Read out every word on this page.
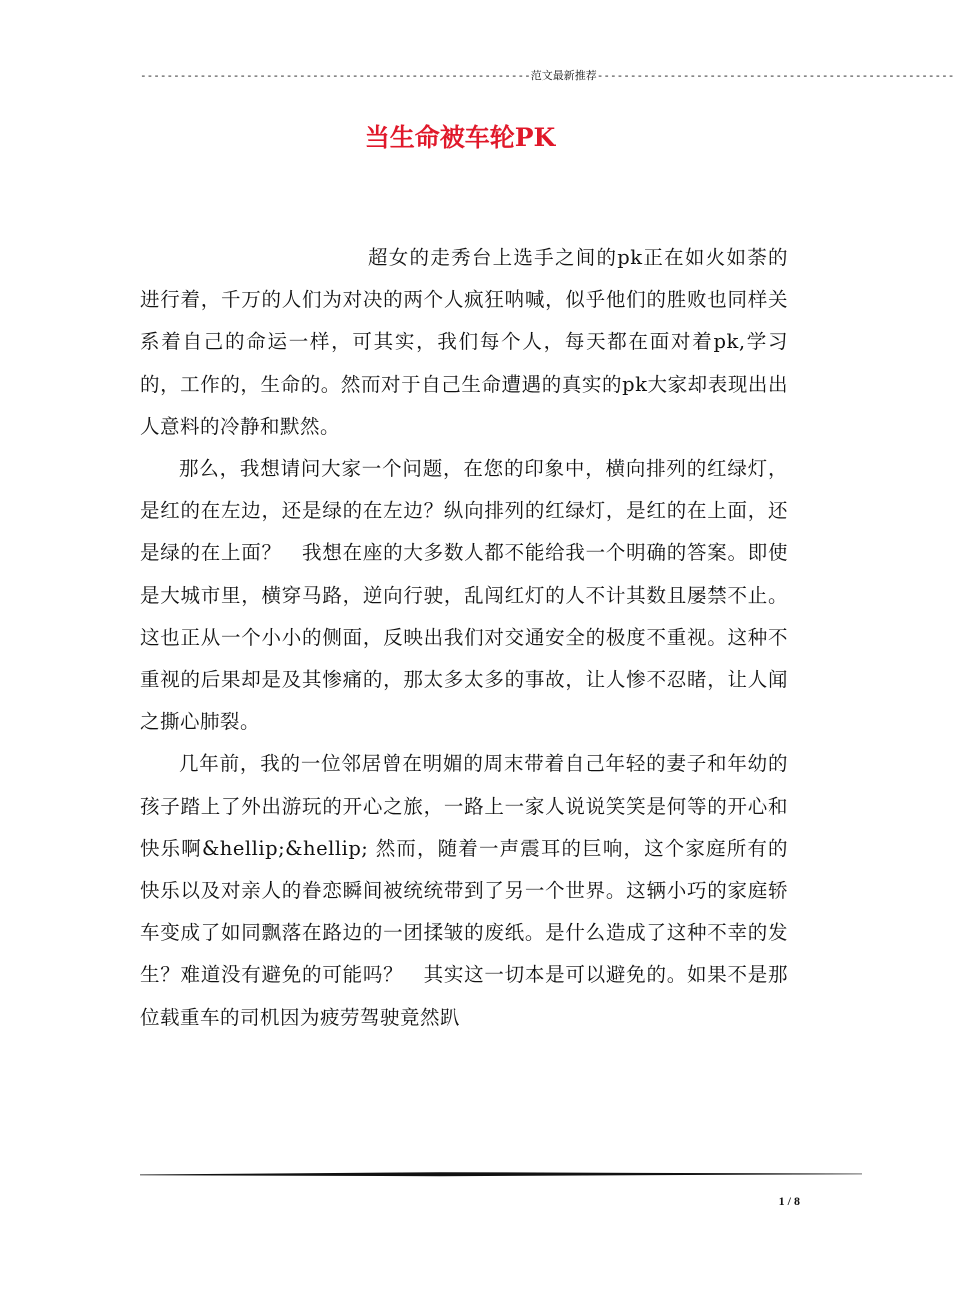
-----------------------------------------------------------范文最新推荐------------------------------------------------------
当生命被车轮PK

超女的走秀台上选手之间的pk正在如火如荼的进行着，千万的人们为对决的两个人疯狂呐喊，似乎他们的胜败也同样关系着自己的命运一样，可其实，我们每个人，每天都在面对着pk,学习的，工作的，生命的。然而对于自己生命遭遇的真实的pk大家却表现出出人意料的冷静和默然。

那么，我想请问大家一个问题，在您的印象中，横向排列的红绿灯，是红的在左边，还是绿的在左边？纵向排列的红绿灯，是红的在上面，还是绿的在上面？　我想在座的大多数人都不能给我一个明确的答案。即使是大城市里，横穿马路，逆向行驶，乱闯红灯的人不计其数且屡禁不止。这也正从一个小小的侧面，反映出我们对交通安全的极度不重视。这种不重视的后果却是及其惨痛的，那太多太多的事故，让人惨不忍睹，让人闻之撕心肺裂。

几年前，我的一位邻居曾在明媚的周末带着自己年轻的妻子和年幼的孩子踏上了外出游玩的开心之旅，一路上一家人说说笑笑是何等的开心和快乐啊&hellip;&hellip; 然而，随着一声震耳的巨响，这个家庭所有的快乐以及对亲人的眷恋瞬间被统统带到了另一个世界。这辆小巧的家庭轿车变成了如同飘落在路边的一团揉皱的废纸。是什么造成了这种不幸的发生？难道没有避免的可能吗？　其实这一切本是可以避免的。如果不是那位载重车的司机因为疲劳驾驶竟然趴

1 / 8
